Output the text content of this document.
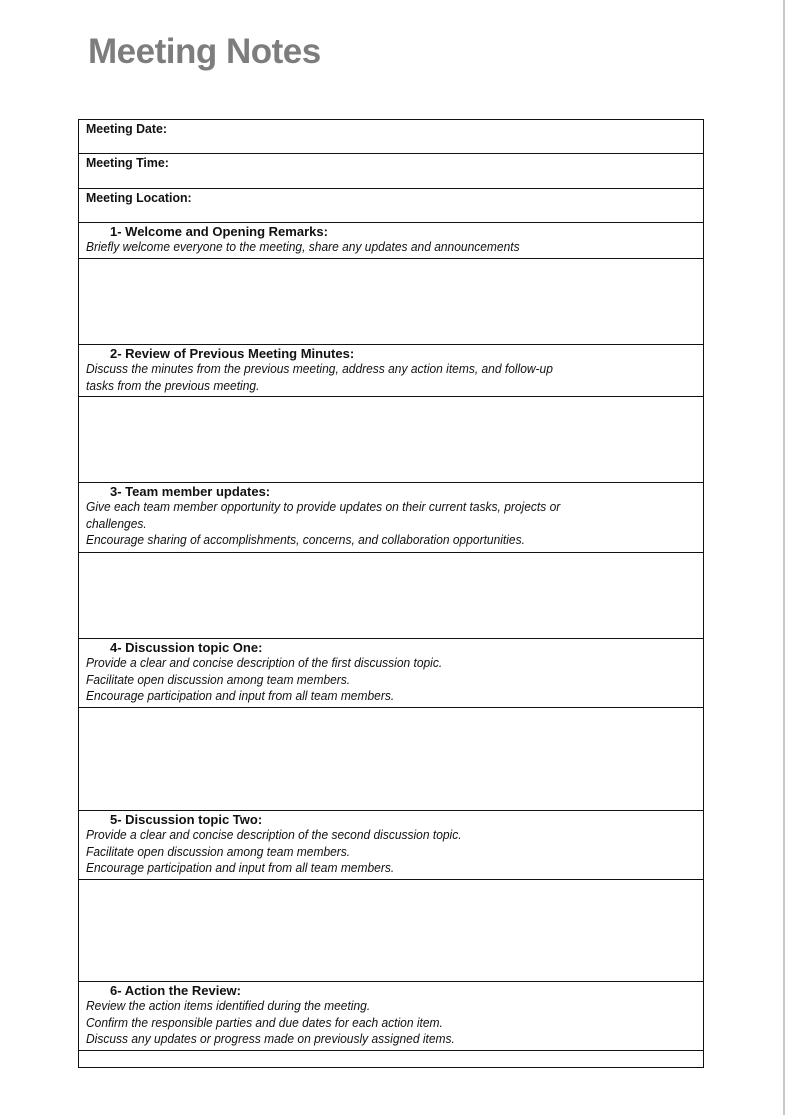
Meeting Notes
Meeting Date:
Meeting Time:
Meeting Location:
1- Welcome and Opening Remarks:
Briefly welcome everyone to the meeting, share any updates and announcements
2- Review of Previous Meeting Minutes:
Discuss the minutes from the previous meeting, address any action items, and follow-up
tasks from the previous meeting.
3- Team member updates:
Give each team member opportunity to provide updates on their current tasks, projects or
challenges.
Encourage sharing of accomplishments, concerns, and collaboration opportunities.
4- Discussion topic One:
Provide a clear and concise description of the first discussion topic.
Facilitate open discussion among team members.
Encourage participation and input from all team members.
5- Discussion topic Two:
Provide a clear and concise description of the second discussion topic.
Facilitate open discussion among team members.
Encourage participation and input from all team members.
6- Action the Review:
Review the action items identified during the meeting.
Confirm the responsible parties and due dates for each action item.
Discuss any updates or progress made on previously assigned items.
